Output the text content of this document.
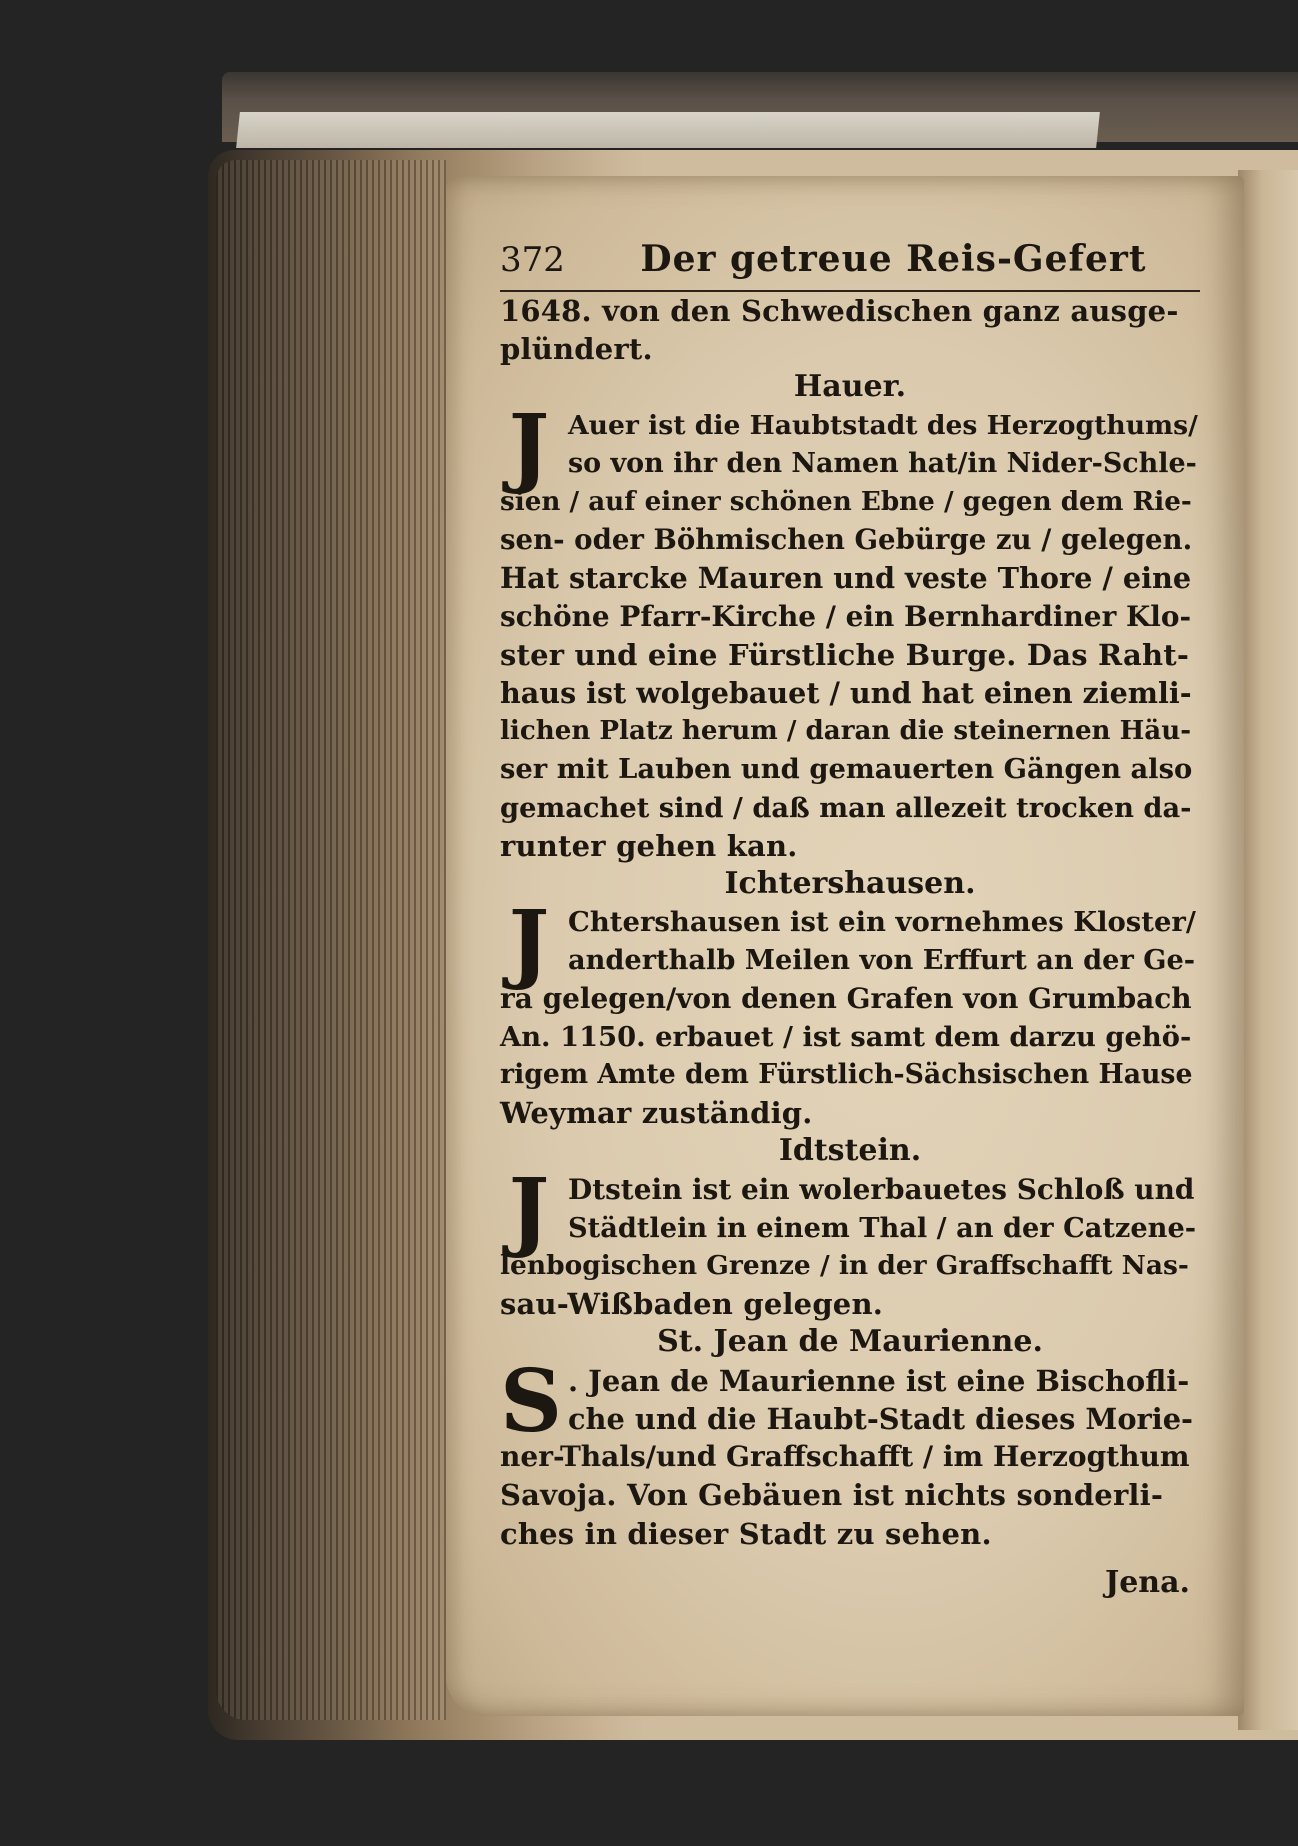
372	Der getreue Reis-Gefert
1648. von den Schwedischen ganz ausge-
plündert.
Hauer.
J Auer ist die Haubtstadt des Herzogthums/
so von ihr den Namen hat/in Nider-Schle-
sien / auf einer schönen Ebne / gegen dem Rie-
sen- oder Böhmischen Gebürge zu / gelegen.
Hat starcke Mauren und veste Thore / eine
schöne Pfarr-Kirche / ein Bernhardiner Klo-
ster und eine Fürstliche Burge. Das Raht-
haus ist wolgebauet / und hat einen ziemli-
lichen Platz herum / daran die steinernen Häu-
ser mit Lauben und gemauerten Gängen also
gemachet sind / daß man allezeit trocken da-
runter gehen kan.
Ichtershausen.
J Chtershausen ist ein vornehmes Kloster/
anderthalb Meilen von Erffurt an der Ge-
ra gelegen/von denen Grafen von Grumbach
An. 1150. erbauet / ist samt dem darzu gehö-
rigem Amte dem Fürstlich-Sächsischen Hause
Weymar zuständig.
Idtstein.
J Dtstein ist ein wolerbauetes Schloß und
Städtlein in einem Thal / an der Catzene-
lenbogischen Grenze / in der Graffschafft Nas-
sau-Wißbaden gelegen.
St. Jean de Maurienne.
S . Jean de Maurienne ist eine Bischofli-
che und die Haubt-Stadt dieses Morie-
ner-Thals/und Graffschafft / im Herzogthum
Savoja. Von Gebäuen ist nichts sonderli-
ches in dieser Stadt zu sehen.
Jena.
